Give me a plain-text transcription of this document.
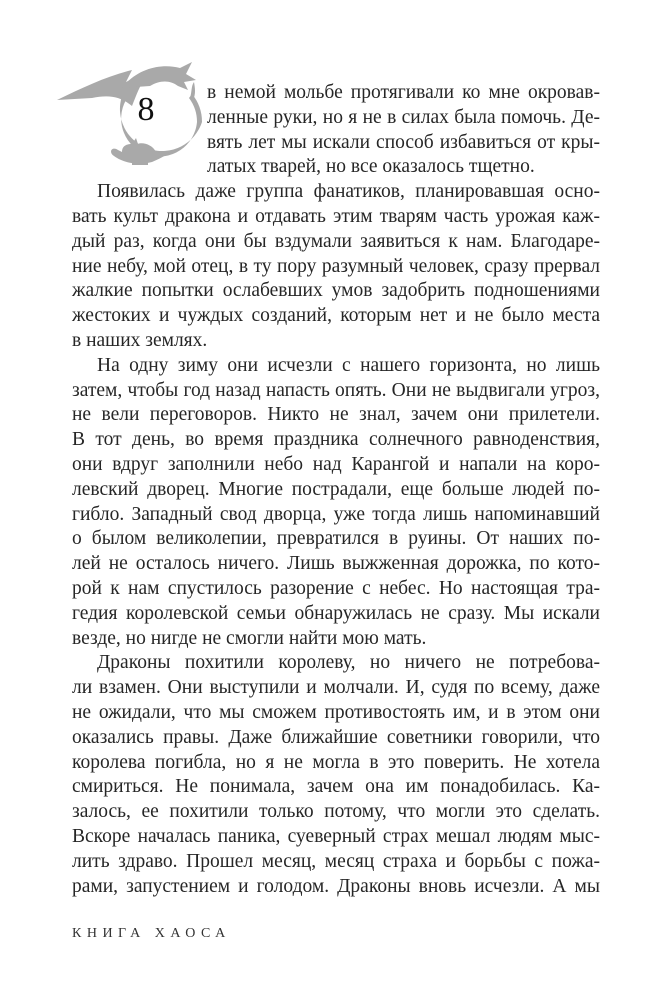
8	в немой мольбе протягивали ко мне окровав-
ленные руки, но я не в силах была помочь. Де-
вять лет мы искали способ избавиться от кры-
латых тварей, но все оказалось тщетно.
Появилась даже группа фанатиков, планировавшая осно-
вать культ дракона и отдавать этим тварям часть урожая каж-
дый раз, когда они бы вздумали заявиться к нам. Благодаре-
ние небу, мой отец, в ту пору разумный человек, сразу прервал
жалкие попытки ослабевших умов задобрить подношениями
жестоких и чуждых созданий, которым нет и не было места
в наших землях.
На одну зиму они исчезли с нашего горизонта, но лишь
затем, чтобы год назад напасть опять. Они не выдвигали угроз,
не вели переговоров. Никто не знал, зачем они прилетели.
В тот день, во время праздника солнечного равноденствия,
они вдруг заполнили небо над Карангой и напали на коро-
левский дворец. Многие пострадали, еще больше людей по-
гибло. Западный свод дворца, уже тогда лишь напоминавший
о былом великолепии, превратился в руины. От наших по-
лей не осталось ничего. Лишь выжженная дорожка, по кото-
рой к нам спустилось разорение с небес. Но настоящая тра-
гедия королевской семьи обнаружилась не сразу. Мы искали
везде, но нигде не смогли найти мою мать.
Драконы похитили королеву, но ничего не потребова-
ли взамен. Они выступили и молчали. И, судя по всему, даже
не ожидали, что мы сможем противостоять им, и в этом они
оказались правы. Даже ближайшие советники говорили, что
королева погибла, но я не могла в это поверить. Не хотела
смириться. Не понимала, зачем она им понадобилась. Ка-
залось, ее похитили только потому, что могли это сделать.
Вскоре началась паника, суеверный страх мешал людям мыс-
лить здраво. Прошел месяц, месяц страха и борьбы с пожа-
рами, запустением и голодом. Драконы вновь исчезли. А мы
КНИГА ХАОСА
